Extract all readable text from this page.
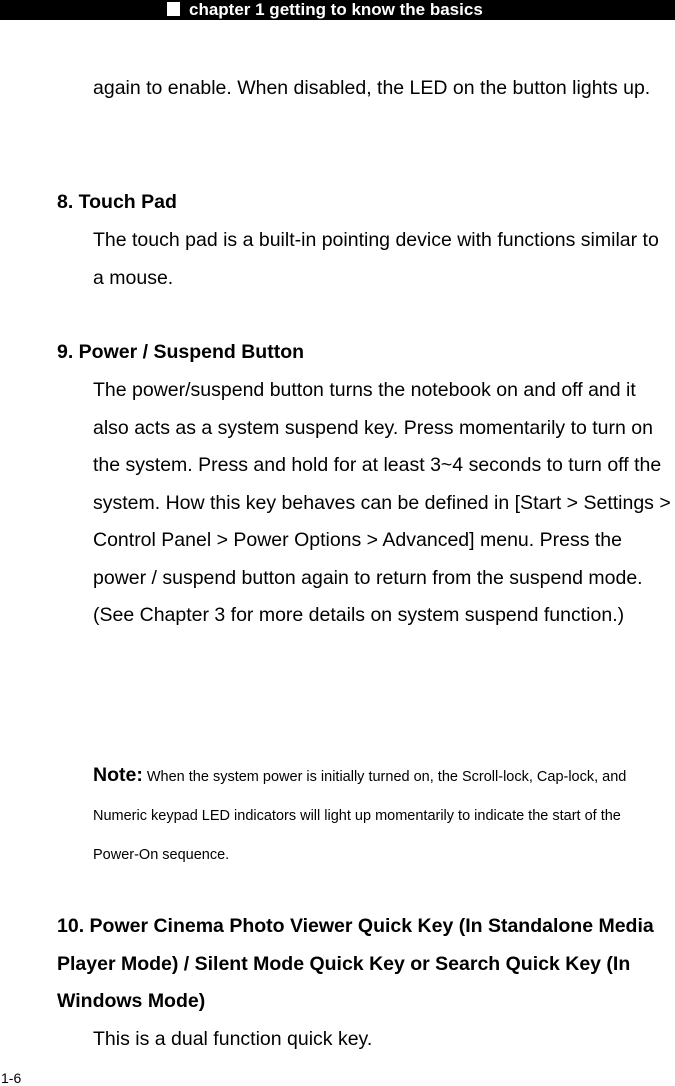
chapter 1 getting to know the basics

again to enable. When disabled, the LED on the button lights up.

8. Touch Pad

The touch pad is a built-in pointing device with functions similar to a mouse.

9. Power / Suspend Button

The power/suspend button turns the notebook on and off and it also acts as a system suspend key. Press momentarily to turn on the system. Press and hold for at least 3~4 seconds to turn off the system. How this key behaves can be defined in [Start > Settings > Control Panel > Power Options > Advanced] menu. Press the power / suspend button again to return from the suspend mode. (See Chapter 3 for more details on system suspend function.)

Note: When the system power is initially turned on, the Scroll-lock, Cap-lock, and Numeric keypad LED indicators will light up momentarily to indicate the start of the Power-On sequence.

10. Power Cinema Photo Viewer Quick Key (In Standalone Media Player Mode) / Silent Mode Quick Key or Search Quick Key (In Windows Mode)

This is a dual function quick key.

1-6
